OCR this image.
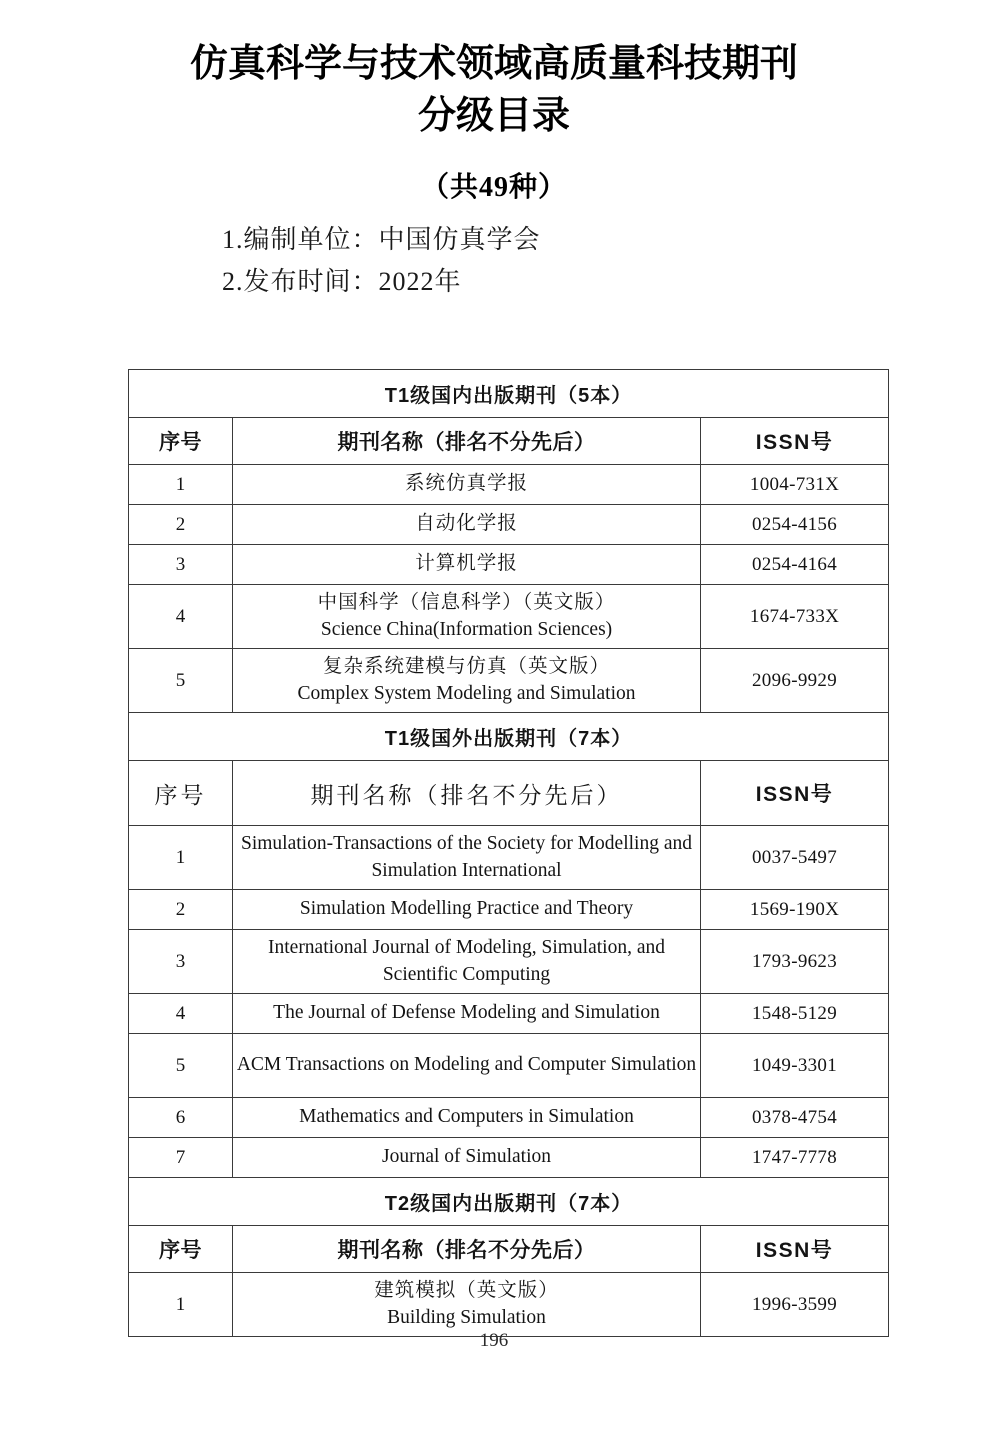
仿真科学与技术领域高质量科技期刊
分级目录
（共49种）
1.编制单位：中国仿真学会
2.发布时间：2022年
T1级国内出版期刊（5本）		
序号	期刊名称（排名不分先后）	ISSN号
1	系统仿真学报	1004-731X
2	自动化学报	0254-4156
3	计算机学报	0254-4164
4	中国科学（信息科学）（英文版）
Science China(Information Sciences)	1674-733X
5	复杂系统建模与仿真（英文版）
Complex System Modeling and Simulation	2096-9929
T1级国外出版期刊（7本）		
序号	期刊名称（排名不分先后）	ISSN号
1	Simulation-Transactions of the Society for Modelling and Simulation International	0037-5497
2	Simulation Modelling Practice and Theory	1569-190X
3	International Journal of Modeling, Simulation, and Scientific Computing	1793-9623
4	The Journal of Defense Modeling and Simulation	1548-5129
5	ACM Transactions on Modeling and Computer Simulation	1049-3301
6	Mathematics and Computers in Simulation	0378-4754
7	Journal of Simulation	1747-7778
T2级国内出版期刊（7本）		
序号	期刊名称（排名不分先后）	ISSN号
1	建筑模拟（英文版）
Building Simulation	1996-3599
196
